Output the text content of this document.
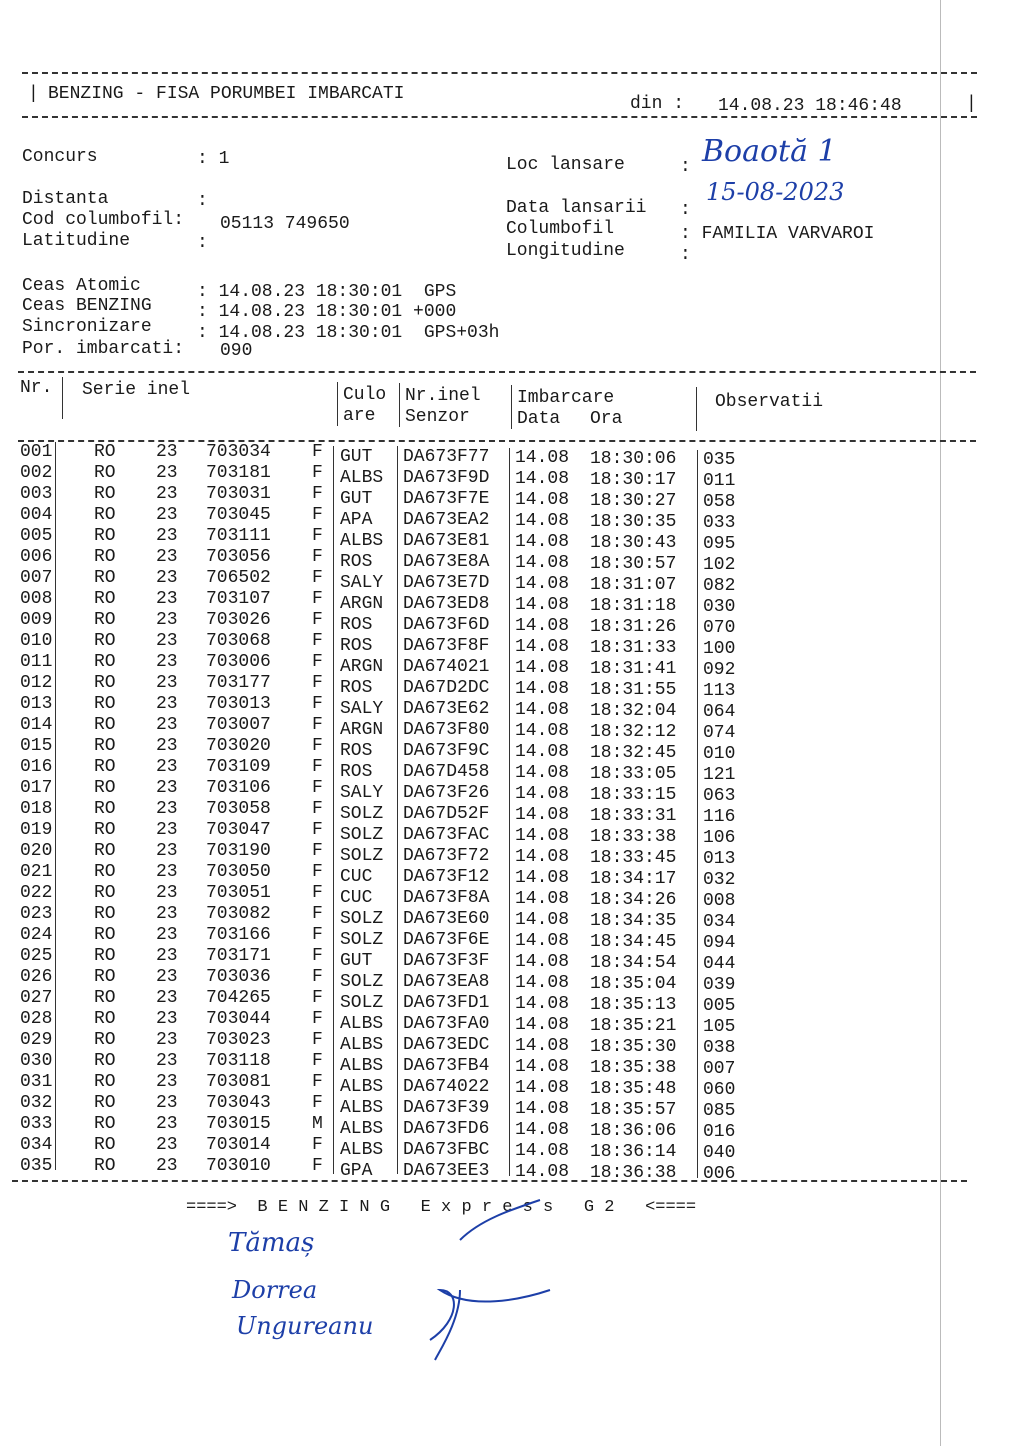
| BENZING - FISA PORUMBEI IMBARCATI	din : 14.08.23 18:46:48	|
Concurs	: 1
Distanta	:
Cod columbofil: 05113 749650
Latitudine	:
Loc lansare	: Boaotă 1
Data lansarii :
15-08-2023
Columbofil	: FAMILIA VARVAROI
Longitudine	:
Ceas Atomic	: 14.08.23 18:30:01  GPS
Ceas BENZING	: 14.08.23 18:30:01 +000
Sincronizare	: 14.08.23 18:30:01  GPS+03h
Por. imbarcati: 090
Nr. Serie inel	Culo
are
Nr.inel
Senzor
Imbarcare
Data Ora
Observatii
001 RO 23 703034 F GUT DA673F77 14.08 18:30:06 035
002 RO 23 703181 F ALBS DA673F9D 14.08 18:30:17 011
003 RO 23 703031 F GUT DA673F7E 14.08 18:30:27 058
004 RO 23 703045 F APA DA673EA2 14.08 18:30:35 033
005 RO 23 703111 F ALBS DA673E81 14.08 18:30:43 095
006 RO 23 703056 F ROS DA673E8A 14.08 18:30:57 102
007 RO 23 706502 F SALY DA673E7D 14.08 18:31:07 082
008 RO 23 703107 F ARGN DA673ED8 14.08 18:31:18 030
009 RO 23 703026 F ROS DA673F6D 14.08 18:31:26 070
010 RO 23 703068 F ROS DA673F8F 14.08 18:31:33 100
011 RO 23 703006 F ARGN DA674021 14.08 18:31:41 092
012 RO 23 703177 F ROS DA67D2DC 14.08 18:31:55 113
013 RO 23 703013 F SALY DA673E62 14.08 18:32:04 064
014 RO 23 703007 F ARGN DA673F80 14.08 18:32:12 074
015 RO 23 703020 F ROS DA673F9C 14.08 18:32:45 010
016 RO 23 703109 F ROS DA67D458 14.08 18:33:05 121
017 RO 23 703106 F SALY DA673F26 14.08 18:33:15 063
018 RO 23 703058 F SOLZ DA67D52F 14.08 18:33:31 116
019 RO 23 703047 F SOLZ DA673FAC 14.08 18:33:38 106
020 RO 23 703190 F SOLZ DA673F72 14.08 18:33:45 013
021 RO 23 703050 F CUC DA673F12 14.08 18:34:17 032
022 RO 23 703051 F CUC DA673F8A 14.08 18:34:26 008
023 RO 23 703082 F SOLZ DA673E60 14.08 18:34:35 034
024 RO 23 703166 F SOLZ DA673F6E 14.08 18:34:45 094
025 RO 23 703171 F GUT DA673F3F 14.08 18:34:54 044
026 RO 23 703036 F SOLZ DA673EA8 14.08 18:35:04 039
027 RO 23 704265 F SOLZ DA673FD1 14.08 18:35:13 005
028 RO 23 703044 F ALBS DA673FA0 14.08 18:35:21 105
029 RO 23 703023 F ALBS DA673EDC 14.08 18:35:30 038
030 RO 23 703118 F ALBS DA673FB4 14.08 18:35:38 007
031 RO 23 703081 F ALBS DA674022 14.08 18:35:48 060
032 RO 23 703043 F ALBS DA673F39 14.08 18:35:57 085
033 RO 23 703015 M ALBS DA673FD6 14.08 18:36:06 016
034 RO 23 703014 F ALBS DA673FBC 14.08 18:36:14 040
035 RO 23 703010 F GPA DA673EE3 14.08 18:36:38 006
====>  B E N Z I N G   E x p r e s s   G 2   <====
Tămaș
Dorrea
Ungureanu
